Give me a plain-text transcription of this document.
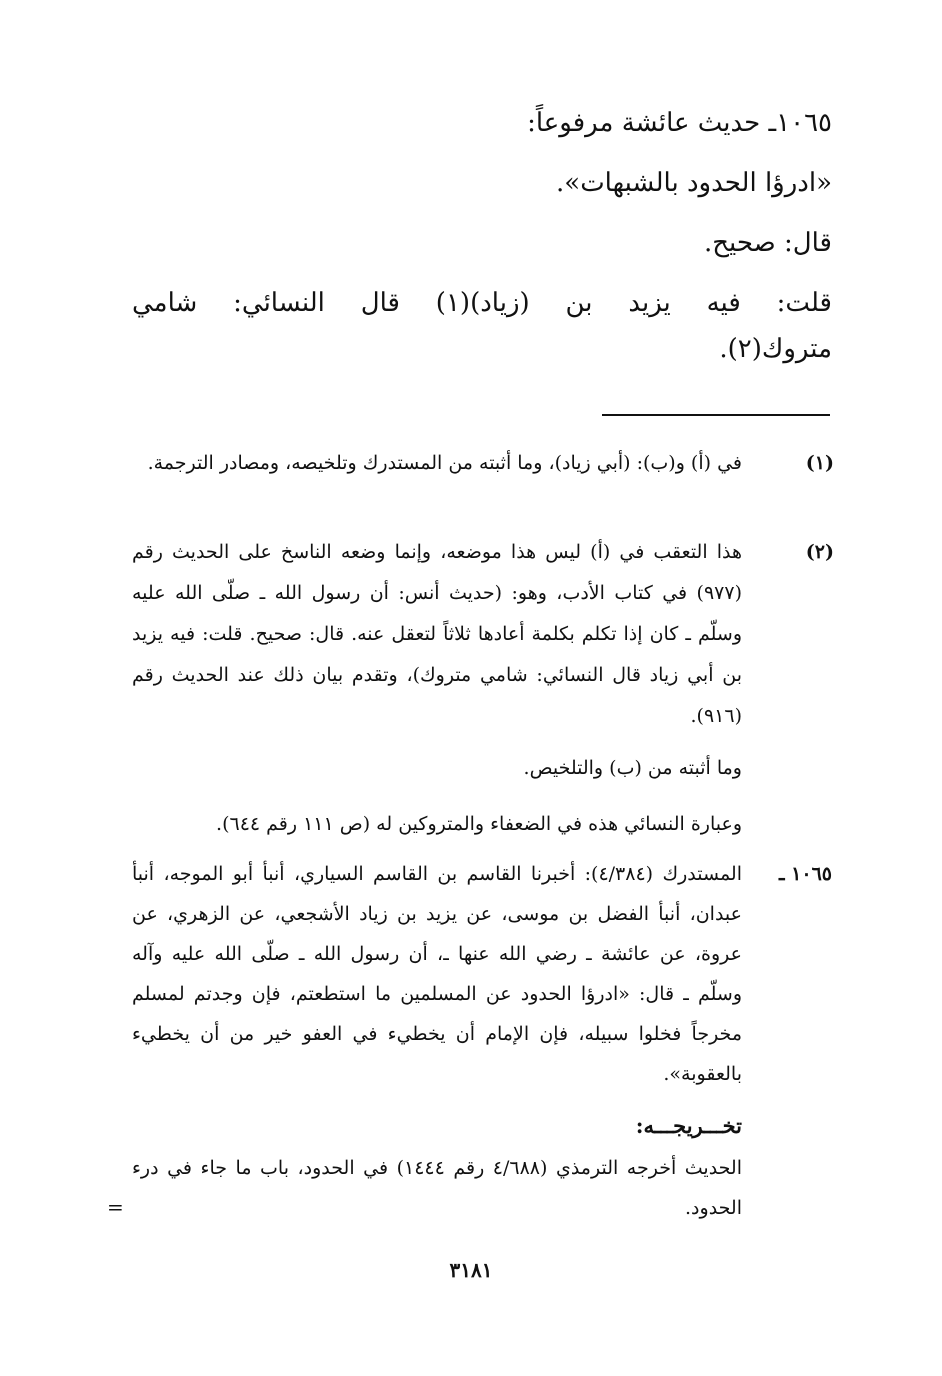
١٠٦٥ـ حديث عائشة مرفوعاً:
«ادرؤا الحدود بالشبهات».
قال: صحيح.
قلت: فيه يزيد بن (زياد)(١) قال النسائي: شامي
متروك(٢).
(١)
في (أ) و(ب): (أبي زياد)، وما أثبته من المستدرك وتلخيصه، ومصادر الترجمة.
(٢)
هذا التعقب في (أ) ليس هذا موضعه، وإنما وضعه الناسخ على الحديث رقم (٩٧٧) في كتاب الأدب، وهو: (حديث أنس: أن رسول الله ـ صلّى الله عليه وسلّم ـ كان إذا تكلم بكلمة أعادها ثلاثاً لتعقل عنه. قال: صحيح. قلت: فيه يزيد بن أبي زياد قال النسائي: شامي متروك)، وتقدم بيان ذلك عند الحديث رقم (٩١٦).
وما أثبته من (ب) والتلخيص.
وعبارة النسائي هذه في الضعفاء والمتروكين له (ص ١١١ رقم ٦٤٤).
١٠٦٥ ـ
المستدرك (٤/٣٨٤): أخبرنا القاسم بن القاسم السياري، أنبأ أبو الموجه، أنبأ عبدان، أنبأ الفضل بن موسى، عن يزيد بن زياد الأشجعي، عن الزهري، عن عروة، عن عائشة ـ رضي الله عنها ـ، أن رسول الله ـ صلّى الله عليه وآله وسلّم ـ قال: «ادرؤا الحدود عن المسلمين ما استطعتم، فإن وجدتم لمسلم مخرجاً فخلوا سبيله، فإن الإمام أن يخطيء في العفو خير من أن يخطيء بالعقوبة».
تخـــريجـــه:
الحديث أخرجه الترمذي (٤/٦٨٨ رقم ١٤٤٤) في الحدود، باب ما جاء في درء الحدود.
=
٣١٨١
